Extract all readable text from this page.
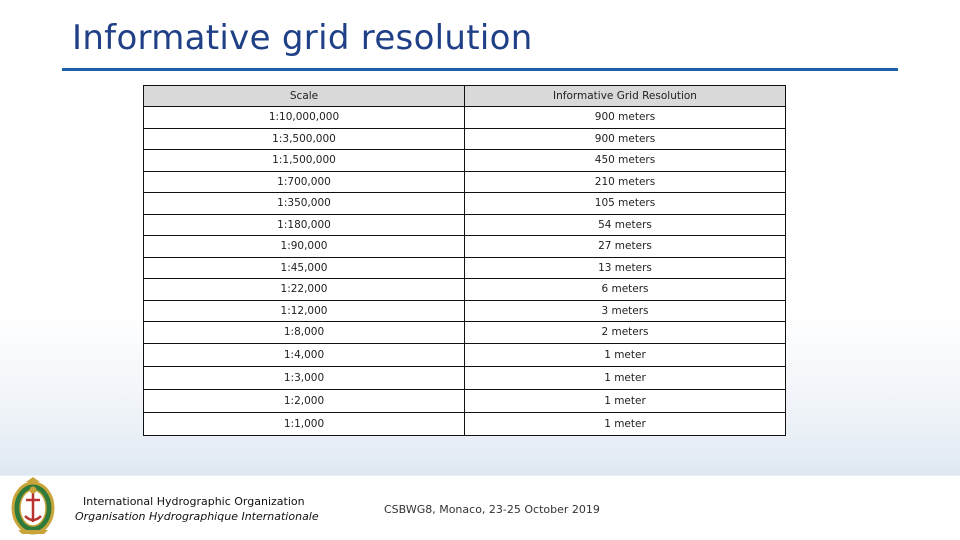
Informative grid resolution
Scale	Informative Grid Resolution
1:10,000,000	900 meters
1:3,500,000	900 meters
1:1,500,000	450 meters
1:700,000	210 meters
1:350,000	105 meters
1:180,000	54 meters
1:90,000	27 meters
1:45,000	13 meters
1:22,000	6 meters
1:12,000	3 meters
1:8,000	2 meters
1:4,000	1 meter
1:3,000	1 meter
1:2,000	1 meter
1:1,000	1 meter
International Hydrographic Organization
Organisation Hydrographique Internationale
CSBWG8, Monaco, 23-25 October 2019
